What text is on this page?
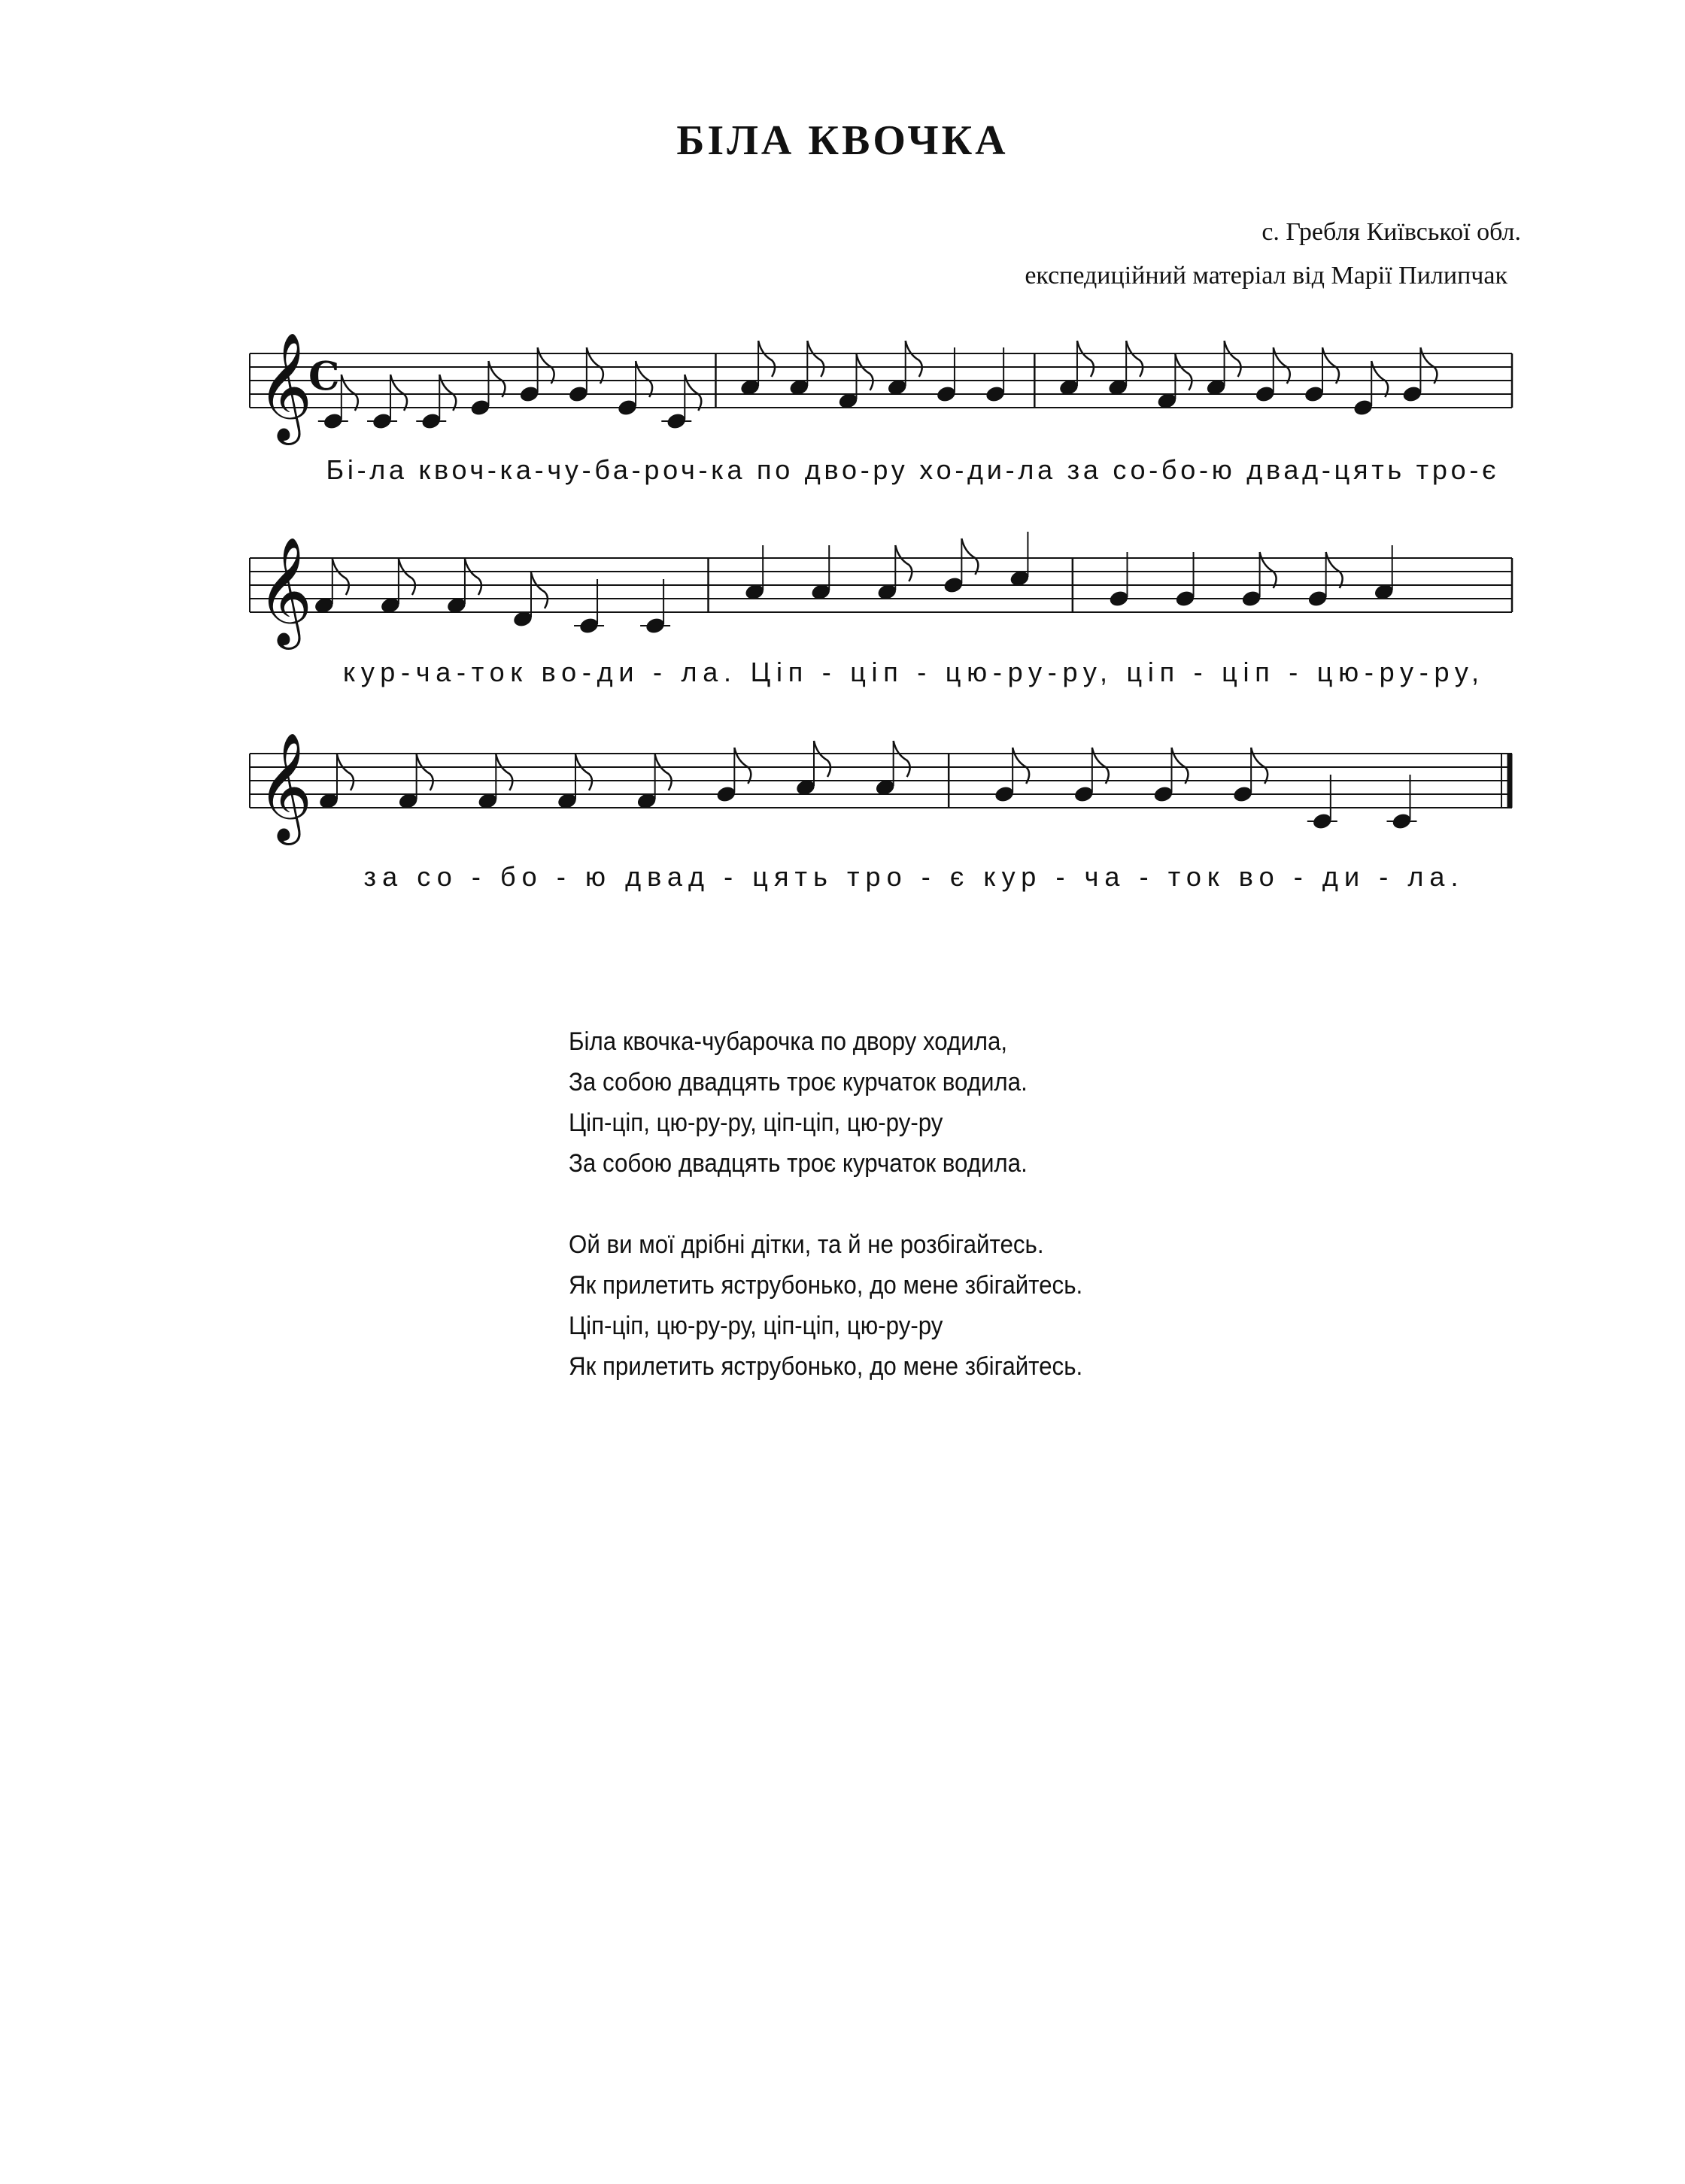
БІЛА КВОЧКА
с. Гребля Київської обл.
експедиційний матеріал від Марії Пилипчак
𝄞
C
Бі-ла квоч-ка-чу-ба-роч-ка по дво-ру хо-ди-ла за со-бо-ю двад-цять тро-є
𝄞
кур-ча-ток во-ди - ла. Ціп - ціп - цю-ру-ру, ціп - ціп - цю-ру-ру,
𝄞
за со - бо - ю двад - цять тро - є кур - ча - ток во - ди - ла.
Біла квочка-чубарочка по двору ходила,
За собою двадцять троє курчаток водила.
Ціп-ціп, цю-ру-ру, ціп-ціп, цю-ру-ру
За собою двадцять троє курчаток водила.
Ой ви мої дрібні дітки, та й не розбігайтесь.
Як прилетить яструбонько, до мене збігайтесь.
Ціп-ціп, цю-ру-ру, ціп-ціп, цю-ру-ру
Як прилетить яструбонько, до мене збігайтесь.
